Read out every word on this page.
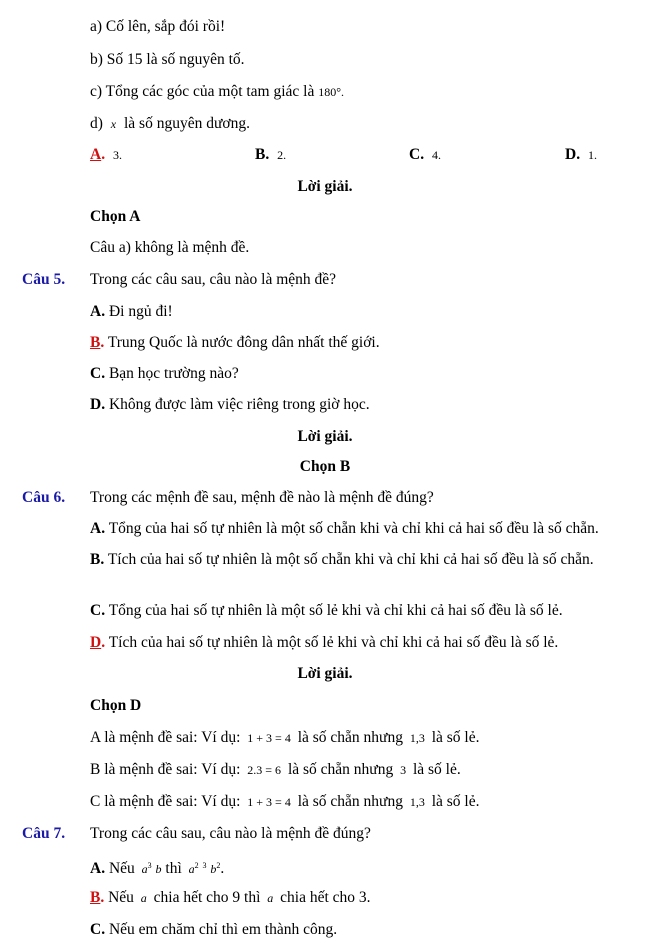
a) Cố lên, sắp đói rồi!
b) Số 15 là số nguyên tố.
c) Tổng các góc của một tam giác là 180°.
d) x là số nguyên dương.
A. 3.	B. 2.	C. 4.	D. 1.
Lời giải.
Chọn A
Câu a) không là mệnh đề.
Câu 5. Trong các câu sau, câu nào là mệnh đề?
A. Đi ngủ đi!
B. Trung Quốc là nước đông dân nhất thế giới.
C. Bạn học trường nào?
D. Không được làm việc riêng trong giờ học.
Lời giải.
Chọn B
Câu 6. Trong các mệnh đề sau, mệnh đề nào là mệnh đề đúng?
A. Tổng của hai số tự nhiên là một số chẵn khi và chỉ khi cả hai số đều là số chẵn.
B. Tích của hai số tự nhiên là một số chẵn khi và chỉ khi cả hai số đều là số chẵn.
C. Tổng của hai số tự nhiên là một số lẻ khi và chỉ khi cả hai số đều là số lẻ.
D. Tích của hai số tự nhiên là một số lẻ khi và chỉ khi cả hai số đều là số lẻ.
Lời giải.
Chọn D
A là mệnh đề sai: Ví dụ: 1 + 3 = 4 là số chẵn nhưng 1,3 là số lẻ.
B là mệnh đề sai: Ví dụ: 2.3 = 6 là số chẵn nhưng 3 là số lẻ.
C là mệnh đề sai: Ví dụ: 1 + 3 = 4 là số chẵn nhưng 1,3 là số lẻ.
Câu 7. Trong các câu sau, câu nào là mệnh đề đúng?
A. Nếu $a^3$ b thì $a^2$ $^3$ $b^2$.
B. Nếu a chia hết cho 9 thì a chia hết cho 3.
C. Nếu em chăm chỉ thì em thành công.
